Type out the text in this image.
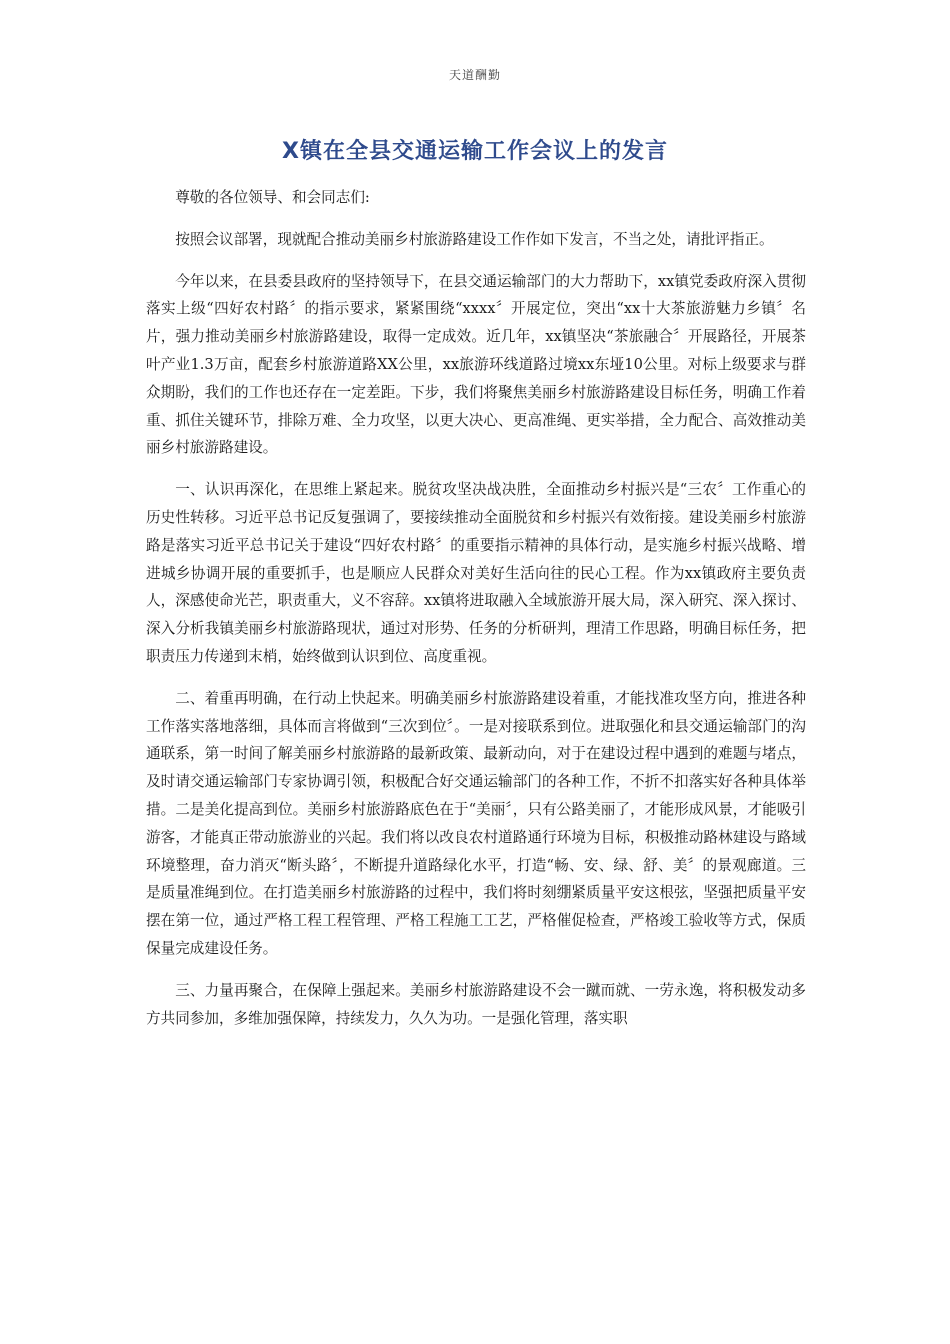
天道酬勤
X镇在全县交通运输工作会议上的发言

尊敬的各位领导、和会同志们:

按照会议部署，现就配合推动美丽乡村旅游路建设工作作如下发言，不当之处，请批评指正。

今年以来，在县委县政府的坚持领导下，在县交通运输部门的大力帮助下，xx镇党委政府深入贯彻落实上级“四好农村路〞的指示要求，紧紧围绕“xxxx〞开展定位，突出“xx十大茶旅游魅力乡镇〞名片，强力推动美丽乡村旅游路建设，取得一定成效。近几年，xx镇坚决“茶旅融合〞开展路径，开展茶叶产业1.3万亩，配套乡村旅游道路XX公里，xx旅游环线道路过境xx东垭10公里。对标上级要求与群众期盼，我们的工作也还存在一定差距。下步，我们将聚焦美丽乡村旅游路建设目标任务，明确工作着重、抓住关键环节，排除万难、全力攻坚，以更大决心、更高准绳、更实举措，全力配合、高效推动美丽乡村旅游路建设。

一、认识再深化，在思维上紧起来。脱贫攻坚决战决胜，全面推动乡村振兴是“三农〞工作重心的历史性转移。习近平总书记反复强调了，要接续推动全面脱贫和乡村振兴有效衔接。建设美丽乡村旅游路是落实习近平总书记关于建设“四好农村路〞的重要指示精神的具体行动，是实施乡村振兴战略、增进城乡协调开展的重要抓手，也是顺应人民群众对美好生活向往的民心工程。作为xx镇政府主要负责人，深感使命光芒，职责重大，义不容辞。xx镇将进取融入全域旅游开展大局，深入研究、深入探讨、深入分析我镇美丽乡村旅游路现状，通过对形势、任务的分析研判，理清工作思路，明确目标任务，把职责压力传递到末梢，始终做到认识到位、高度重视。

二、着重再明确，在行动上快起来。明确美丽乡村旅游路建设着重，才能找准攻坚方向，推进各种工作落实落地落细，具体而言将做到“三次到位〞。一是对接联系到位。进取强化和县交通运输部门的沟通联系，第一时间了解美丽乡村旅游路的最新政策、最新动向，对于在建设过程中遇到的难题与堵点，及时请交通运输部门专家协调引领，积极配合好交通运输部门的各种工作，不折不扣落实好各种具体举措。二是美化提高到位。美丽乡村旅游路底色在于“美丽〞，只有公路美丽了，才能形成风景，才能吸引游客，才能真正带动旅游业的兴起。我们将以改良农村道路通行环境为目标，积极推动路林建设与路域环境整理，奋力消灭“断头路〞，不断提升道路绿化水平，打造“畅、安、绿、舒、美〞的景观廊道。三是质量准绳到位。在打造美丽乡村旅游路的过程中，我们将时刻绷紧质量平安这根弦，坚强把质量平安摆在第一位，通过严格工程工程管理、严格工程施工工艺，严格催促检查，严格竣工验收等方式，保质保量完成建设任务。

三、力量再聚合，在保障上强起来。美丽乡村旅游路建设不会一蹴而就、一劳永逸，将积极发动多方共同参加，多维加强保障，持续发力，久久为功。一是强化管理，落实职
